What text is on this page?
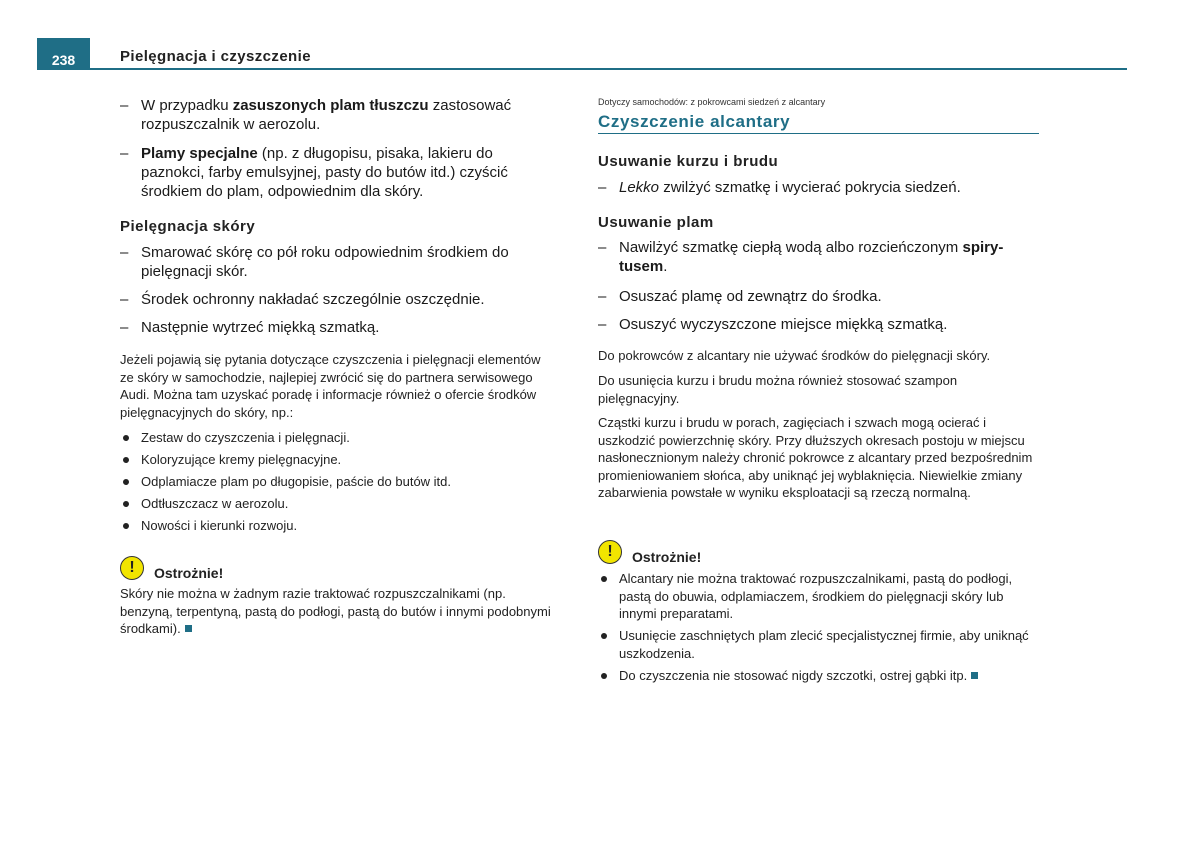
238	Pielęgnacja i czyszczenie
– W przypadku zasuszonych plam tłuszczu zastosować rozpuszczalnik w aerozolu.
– Plamy specjalne (np. z długopisu, pisaka, lakieru do paznokci, farby emulsyjnej, pasty do butów itd.) czyścić środkiem do plam, odpowiednim dla skóry.
Pielęgnacja skóry
– Smarować skórę co pół roku odpowiednim środkiem do pielęgnacji skór.
– Środek ochronny nakładać szczególnie oszczędnie.
– Następnie wytrzeć miękką szmatką.
Jeżeli pojawią się pytania dotyczące czyszczenia i pielęgnacji elementów ze skóry w samochodzie, najlepiej zwrócić się do partnera serwisowego Audi. Można tam uzyskać poradę i informacje również o ofercie środków pielęgnacyjnych do skóry, np.:
Zestaw do czyszczenia i pielęgnacji.
Koloryzujące kremy pielęgnacyjne.
Odplamiacze plam po długopisie, paście do butów itd.
Odtłuszczacz w aerozolu.
Nowości i kierunki rozwoju.
!	Ostrożnie!
Skóry nie można w żadnym razie traktować rozpuszczalnikami (np. benzyną, terpentyną, pastą do podłogi, pastą do butów i innymi podobnymi środkami).
Dotyczy samochodów: z pokrowcami siedzeń z alcantary
Czyszczenie alcantary
Usuwanie kurzu i brudu
– Lekko zwilżyć szmatkę i wycierać pokrycia siedzeń.
Usuwanie plam
– Nawilżyć szmatkę ciepłą wodą albo rozcieńczonym spiry-tusem.
– Osuszać plamę od zewnątrz do środka.
– Osuszyć wyczyszczone miejsce miękką szmatką.
Do pokrowców z alcantary nie używać środków do pielęgnacji skóry.
Do usunięcia kurzu i brudu można również stosować szampon pielęgnacyjny.
Cząstki kurzu i brudu w porach, zagięciach i szwach mogą ocierać i uszkodzić powierzchnię skóry. Przy dłuższych okresach postoju w miejscu nasłonecznionym należy chronić pokrowce z alcantary przed bezpośrednim promieniowaniem słońca, aby uniknąć jej wyblaknięcia. Niewielkie zmiany zabarwienia powstałe w wyniku eksploatacji są rzeczą normalną.
!	Ostrożnie!
Alcantary nie można traktować rozpuszczalnikami, pastą do podłogi, pastą do obuwia, odplamiaczem, środkiem do pielęgnacji skóry lub innymi preparatami.
Usunięcie zaschniętych plam zlecić specjalistycznej firmie, aby uniknąć uszkodzenia.
Do czyszczenia nie stosować nigdy szczotki, ostrej gąbki itp.
